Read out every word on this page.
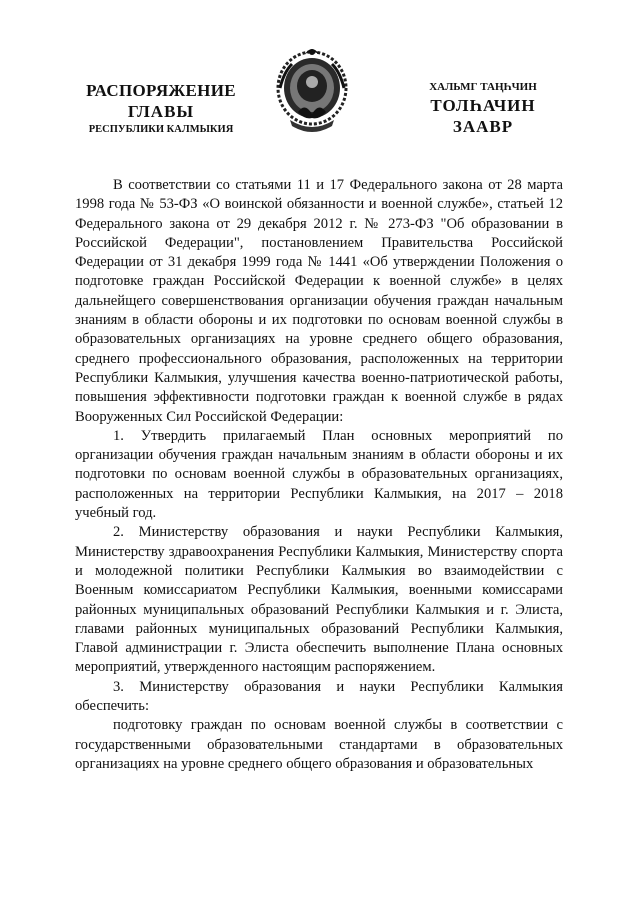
РАСПОРЯЖЕНИЕ
ГЛАВЫ
РЕСПУБЛИКИ КАЛМЫКИЯ
ХАЛЬМГ ТАҢҺЧИН
ТОЛҺАЧИН
ЗААВР

В соответствии со статьями 11 и 17 Федерального закона от 28 марта 1998 года № 53-ФЗ «О воинской обязанности и военной службе», статьей 12 Федерального закона от 29 декабря 2012 г. № 273-ФЗ "Об образовании в Российской Федерации", постановлением Правительства Российской Федерации от 31 декабря 1999 года № 1441 «Об утверждении Положения о подготовке граждан Российской Федерации к военной службе» в целях дальнейщего совершенствования организации обучения граждан начальным знаниям в области обороны и их подготовки по основам военной службы в образовательных организациях на уровне среднего общего образования, среднего профессионального образования, расположенных на территории Республики Калмыкия, улучшения качества военно-патриотической работы, повышения эффективности подготовки граждан к военной службе в рядах Вооруженных Сил Российской Федерации:

1. Утвердить прилагаемый План основных мероприятий по организации обучения граждан начальным знаниям в области обороны и их подготовки по основам военной службы в образовательных организациях, расположенных на территории Республики Калмыкия, на 2017 – 2018 учебный год.

2. Министерству образования и науки Республики Калмыкия, Министерству здравоохранения Республики Калмыкия, Министерству спорта и молодежной политики Республики Калмыкия во взаимодействии с Военным комиссариатом Республики Калмыкия, военными комиссарами районных муниципальных образований Республики Калмыкия и г. Элиста, главами районных муниципальных образований Республики Калмыкия, Главой администрации г. Элиста обеспечить выполнение Плана основных мероприятий, утвержденного настоящим распоряжением.

3. Министерству образования и науки Республики Калмыкия обеспечить:

подготовку граждан по основам военной службы в соответствии с государственными образовательными стандартами в образовательных организациях на уровне среднего общего образования и образовательных
